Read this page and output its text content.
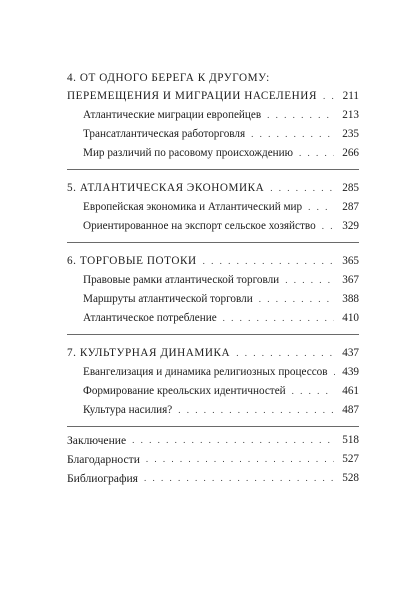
4. ОТ ОДНОГО БЕРЕГА К ДРУГОМУ:
ПЕРЕМЕЩЕНИЯ И МИГРАЦИИ НАСЕЛЕНИЯ . . .	211
Атлантические миграции европейцев . . .	213
Трансатлантическая работорговля . . .	235
Мир различий по расовому происхождению . . .	266
5. АТЛАНТИЧЕСКАЯ ЭКОНОМИКА . . .	285
Европейская экономика и Атлантический мир . . .	287
Ориентированное на экспорт сельское хозяйство . . . 329
6. ТОРГОВЫЕ ПОТОКИ . . .	365
Правовые рамки атлантической торговли . . .	367
Маршруты атлантической торговли . . .	388
Атлантическое потребление . . .	410
7. КУЛЬТУРНАЯ ДИНАМИКА . . .	437
Евангелизация и динамика религиозных процессов . . . 439
Формирование креольских идентичностей . . .	461
Культура насилия? . . .	487
Заключение . . .	518
Благодарности . . .	527
Библиография . . .	528
